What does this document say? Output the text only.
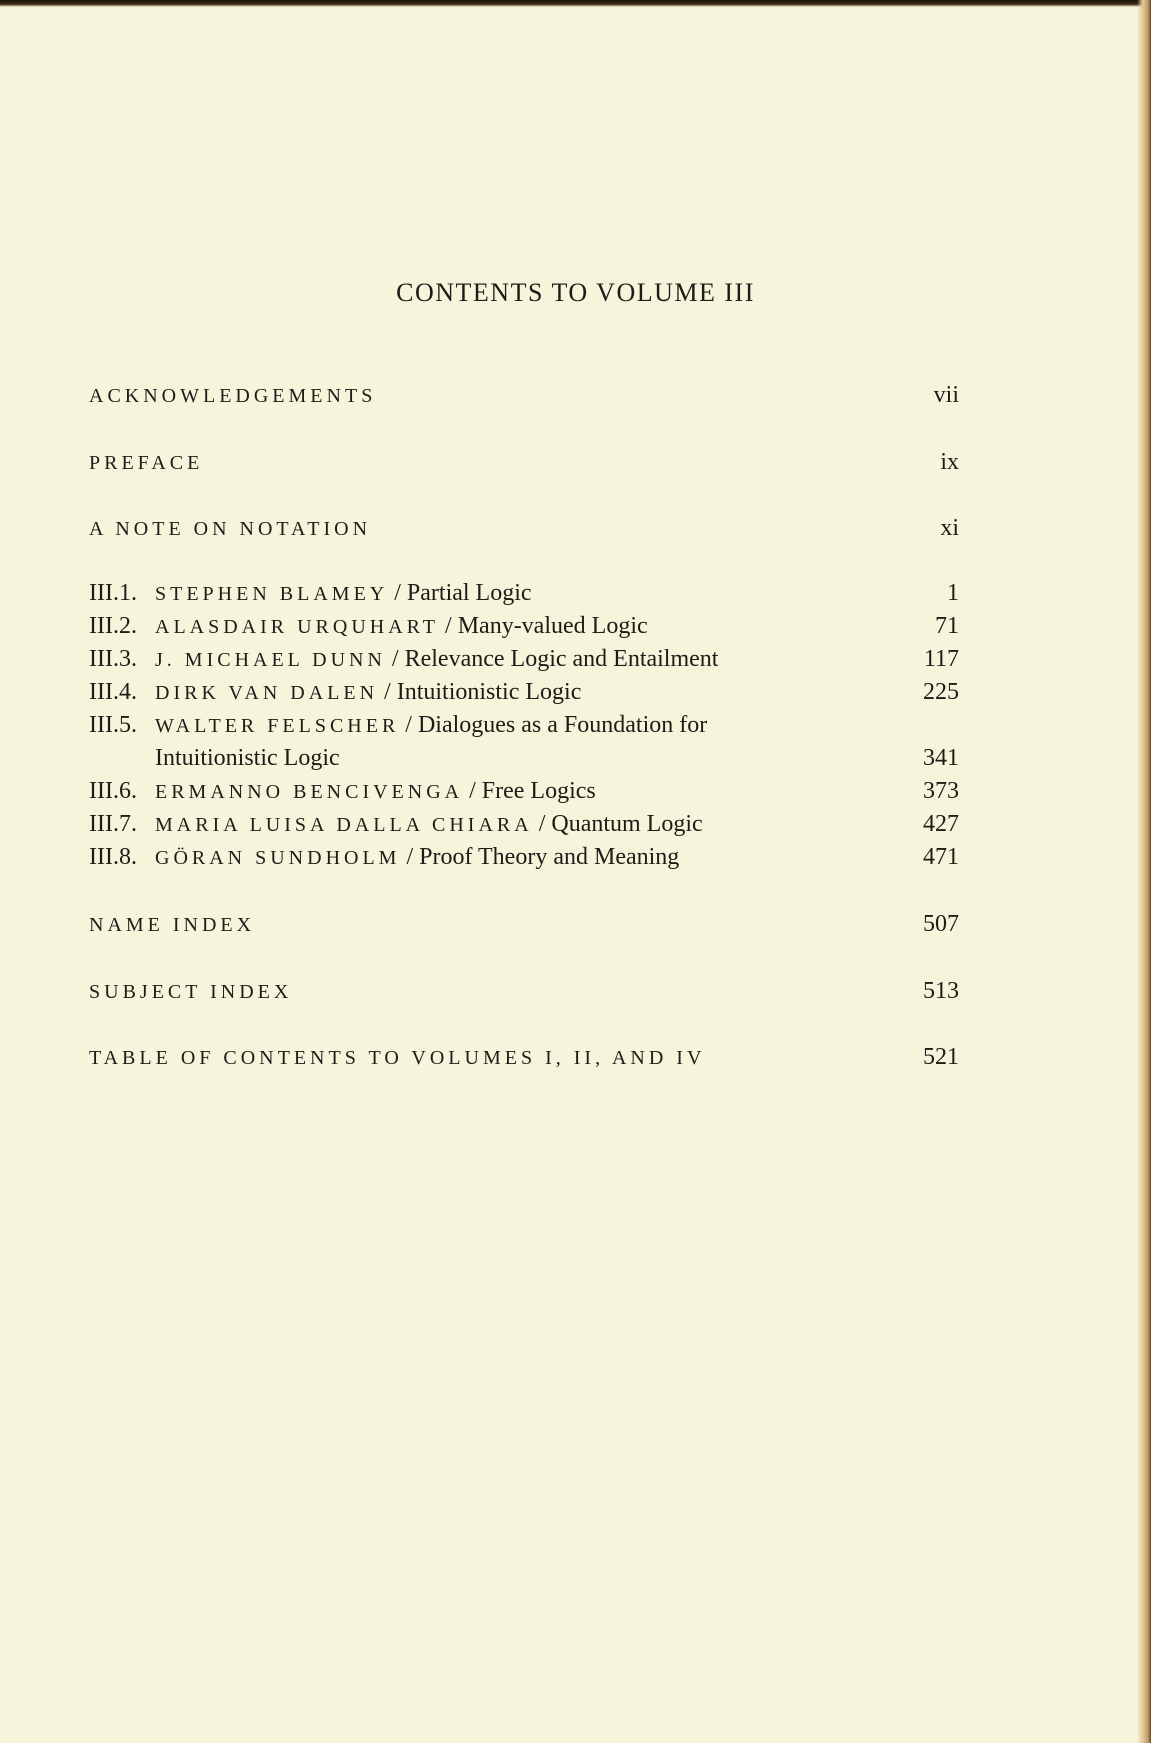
CONTENTS TO VOLUME III
ACKNOWLEDGEMENTS	vii
PREFACE	ix
A NOTE ON NOTATION	xi
III.1. STEPHEN BLAMEY / Partial Logic	1
III.2. ALASDAIR URQUHART / Many-valued Logic	71
III.3. J. MICHAEL DUNN / Relevance Logic and Entailment	117
III.4. DIRK VAN DALEN / Intuitionistic Logic	225
III.5. WALTER FELSCHER / Dialogues as a Foundation for
Intuitionistic Logic	341
III.6. ERMANNO BENCIVENGA / Free Logics	373
III.7. MARIA LUISA DALLA CHIARA / Quantum Logic	427
III.8. GÖRAN SUNDHOLM / Proof Theory and Meaning	471
NAME INDEX	507
SUBJECT INDEX	513
TABLE OF CONTENTS TO VOLUMES I, II, AND IV	521
